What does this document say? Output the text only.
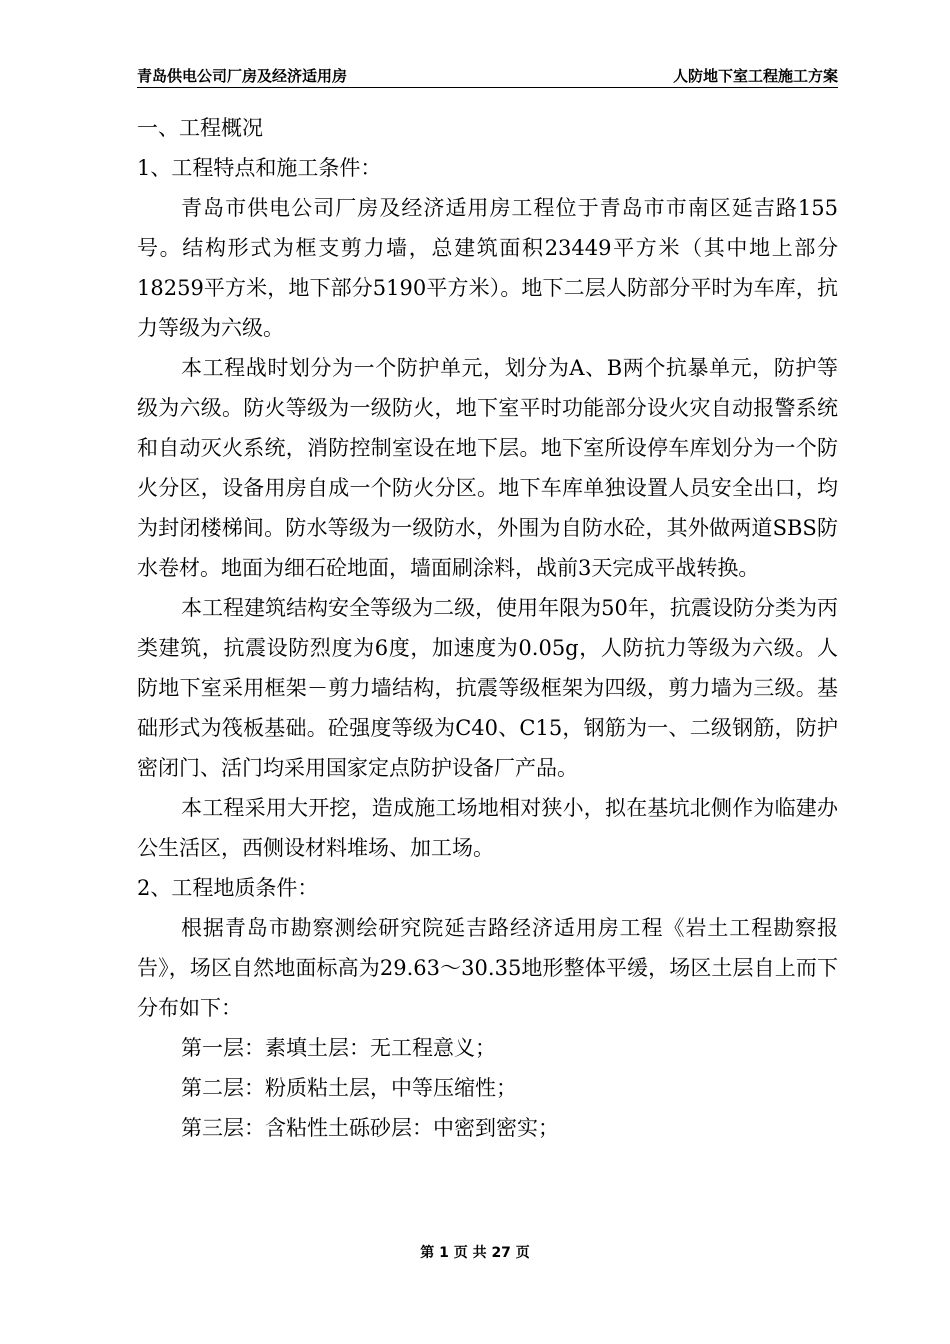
青岛供电公司厂房及经济适用房	人防地下室工程施工方案

一、工程概况

1、工程特点和施工条件：

青岛市供电公司厂房及经济适用房工程位于青岛市市南区延吉路155号。结构形式为框支剪力墙，总建筑面积23449平方米（其中地上部分18259平方米，地下部分5190平方米）。地下二层人防部分平时为车库，抗力等级为六级。

本工程战时划分为一个防护单元，划分为A、B两个抗暴单元，防护等级为六级。防火等级为一级防火，地下室平时功能部分设火灾自动报警系统和自动灭火系统，消防控制室设在地下层。地下室所设停车库划分为一个防火分区，设备用房自成一个防火分区。地下车库单独设置人员安全出口，均为封闭楼梯间。防水等级为一级防水，外围为自防水砼，其外做两道SBS防水卷材。地面为细石砼地面，墙面刷涂料，战前3天完成平战转换。

本工程建筑结构安全等级为二级，使用年限为50年，抗震设防分类为丙类建筑，抗震设防烈度为6度，加速度为0.05g，人防抗力等级为六级。人防地下室采用框架－剪力墙结构，抗震等级框架为四级，剪力墙为三级。基础形式为筏板基础。砼强度等级为C40、C15，钢筋为一、二级钢筋，防护密闭门、活门均采用国家定点防护设备厂产品。

本工程采用大开挖，造成施工场地相对狭小，拟在基坑北侧作为临建办公生活区，西侧设材料堆场、加工场。

2、工程地质条件：

根据青岛市勘察测绘研究院延吉路经济适用房工程《岩土工程勘察报告》，场区自然地面标高为29.63～30.35地形整体平缓，场区土层自上而下分布如下：

第一层：素填土层：无工程意义；

第二层：粉质粘土层，中等压缩性；

第三层：含粘性土砾砂层：中密到密实；

第 1 页 共 27 页
